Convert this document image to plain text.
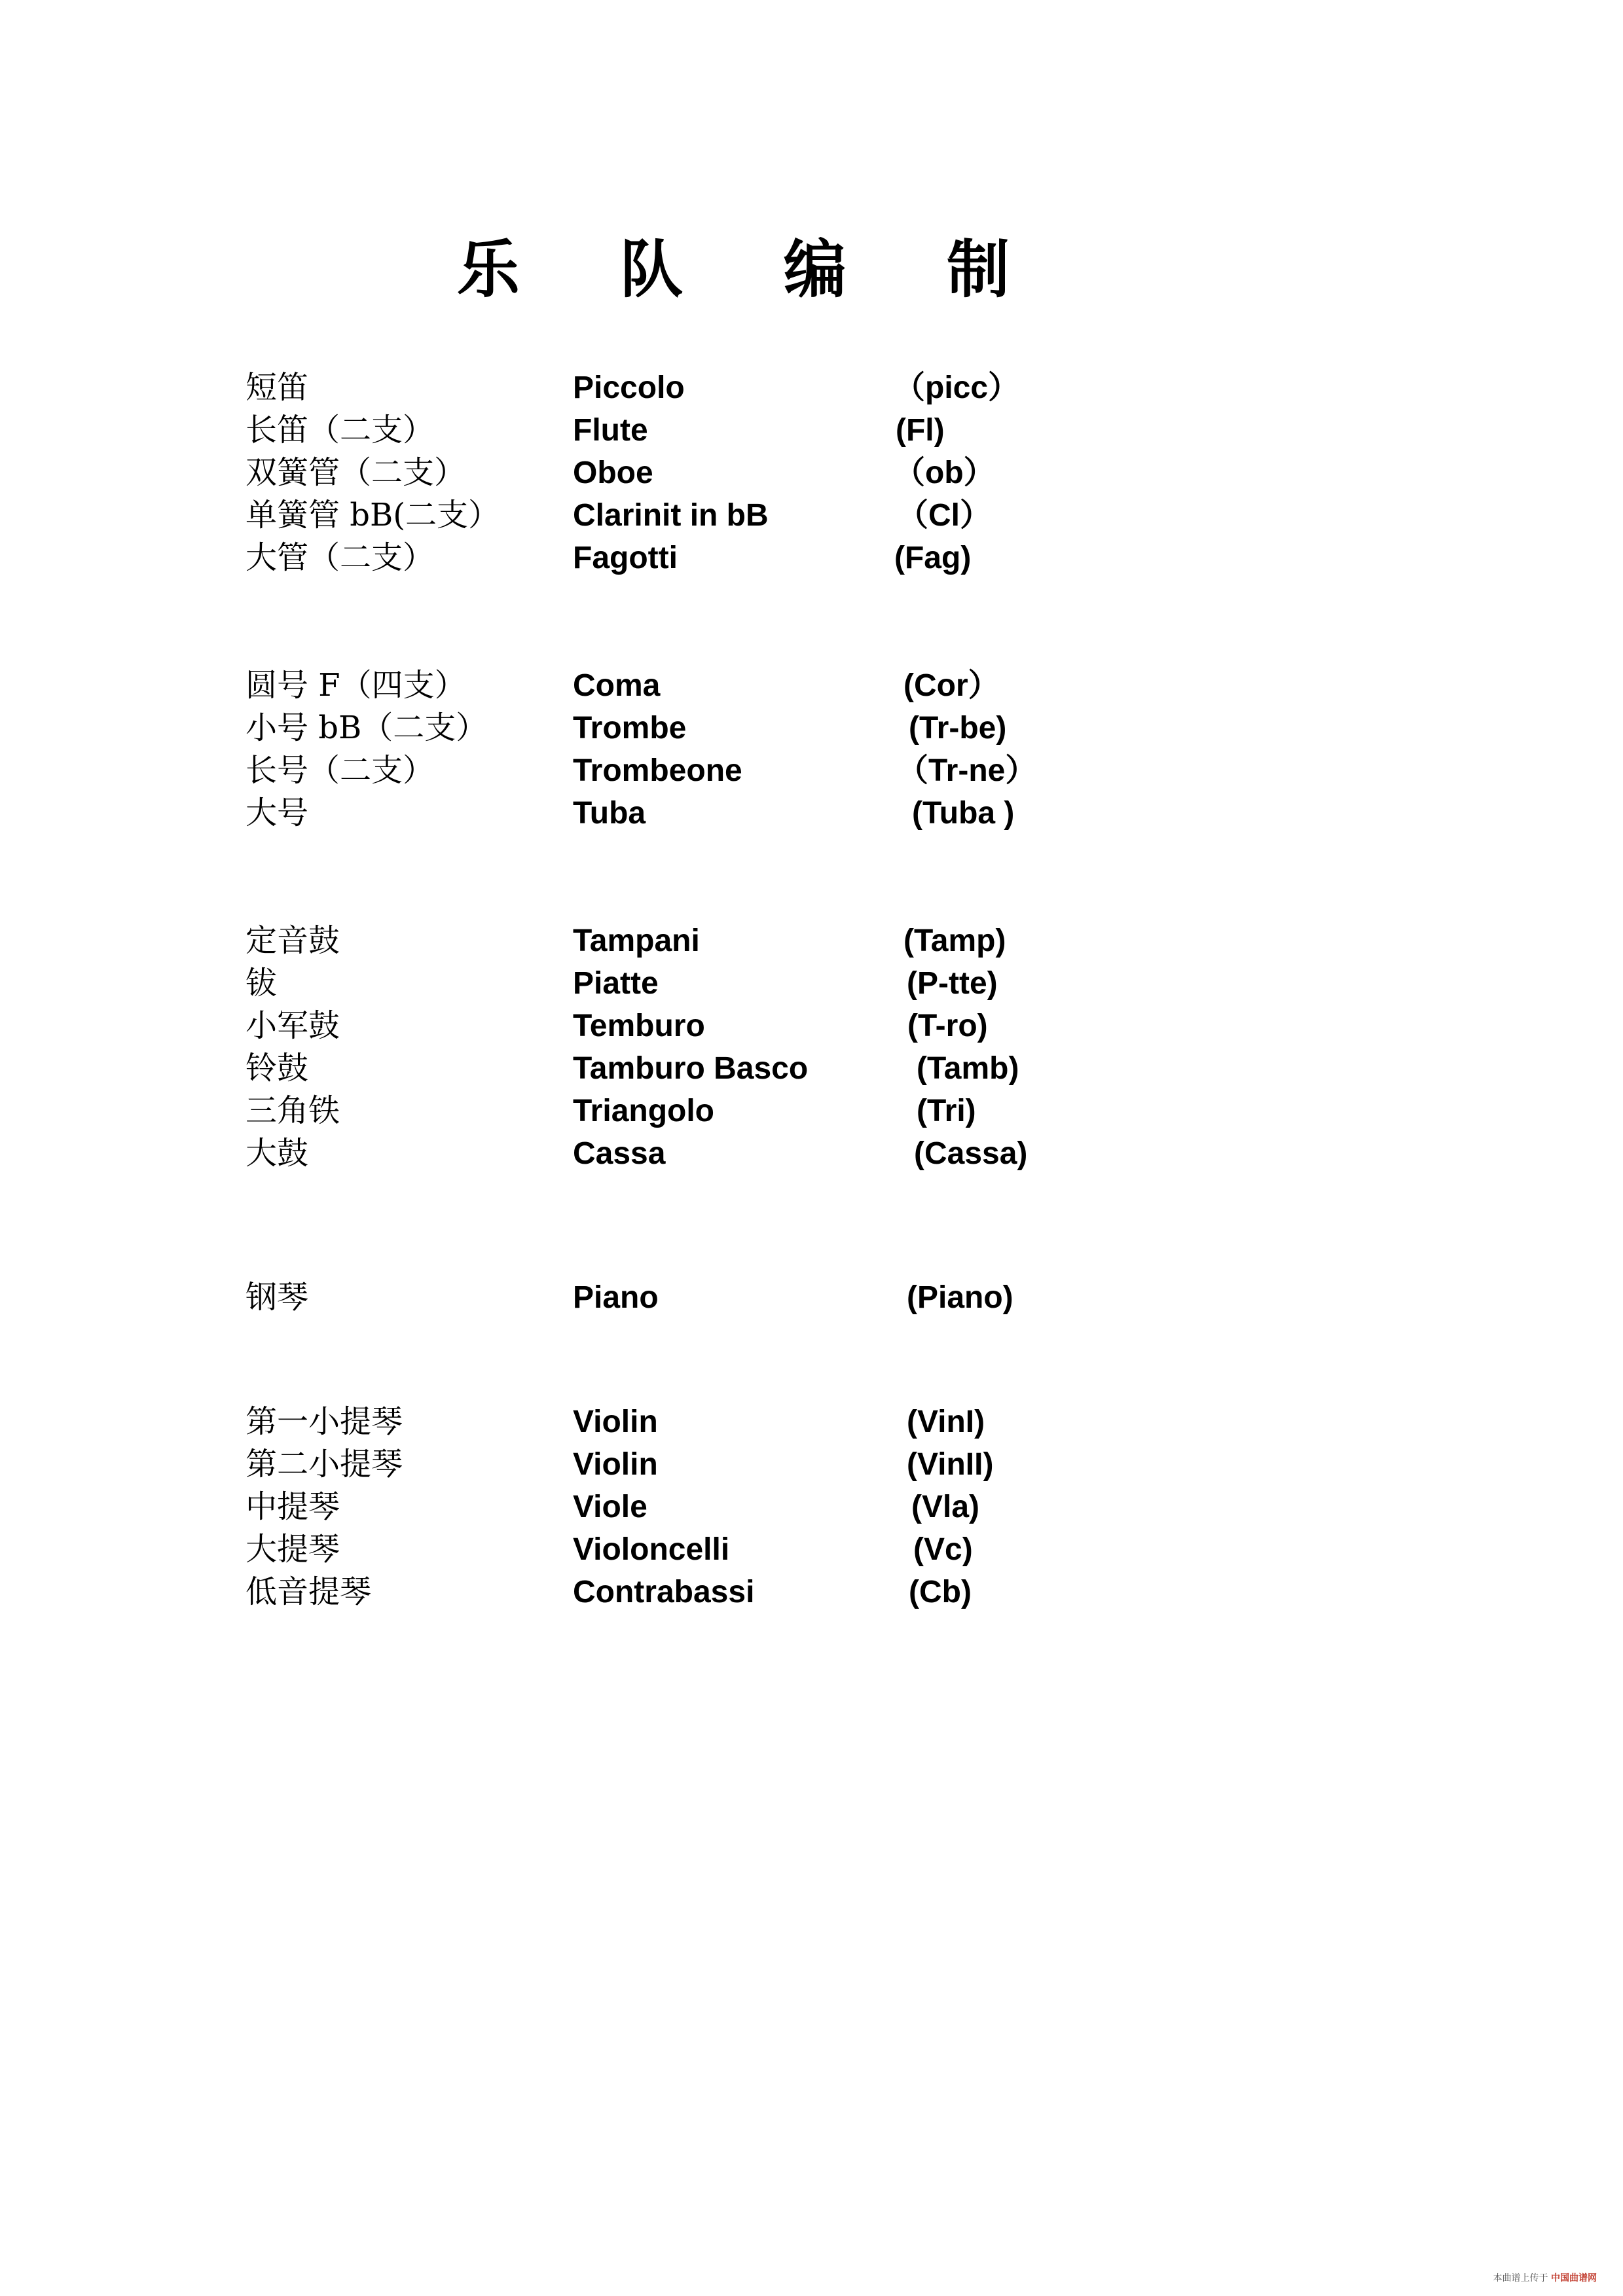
乐 队 编 制
短笛	Piccolo	（picc）
长笛（二支）	Flute	(Fl)
双簧管（二支）	Oboe	（ob）
单簧管 bB(二支） Clarinit in bB	（Cl）
大管（二支）	Fagotti	(Fag)
圆号 F（四支）	Coma	(Cor）
小号 bB（二支）	Trombe	(Tr-be)
长号（二支）	Trombeone	（Tr-ne）
大号	Tuba	(Tuba )
定音鼓	Tampani	(Tamp)
钹	Piatte	(P-tte)
小军鼓	Temburo	(T-ro)
铃鼓	Tamburo Basco	(Tamb)
三角铁	Triangolo	(Tri)
大鼓	Cassa	(Cassa)
钢琴	Piano	(Piano)
第一小提琴	Violin	(VinI)
第二小提琴	Violin	(VinII)
中提琴	Viole	(Vla)
大提琴	Violoncelli	(Vc)
低音提琴	Contrabassi	(Cb)
本曲谱上传于 中国曲谱网
